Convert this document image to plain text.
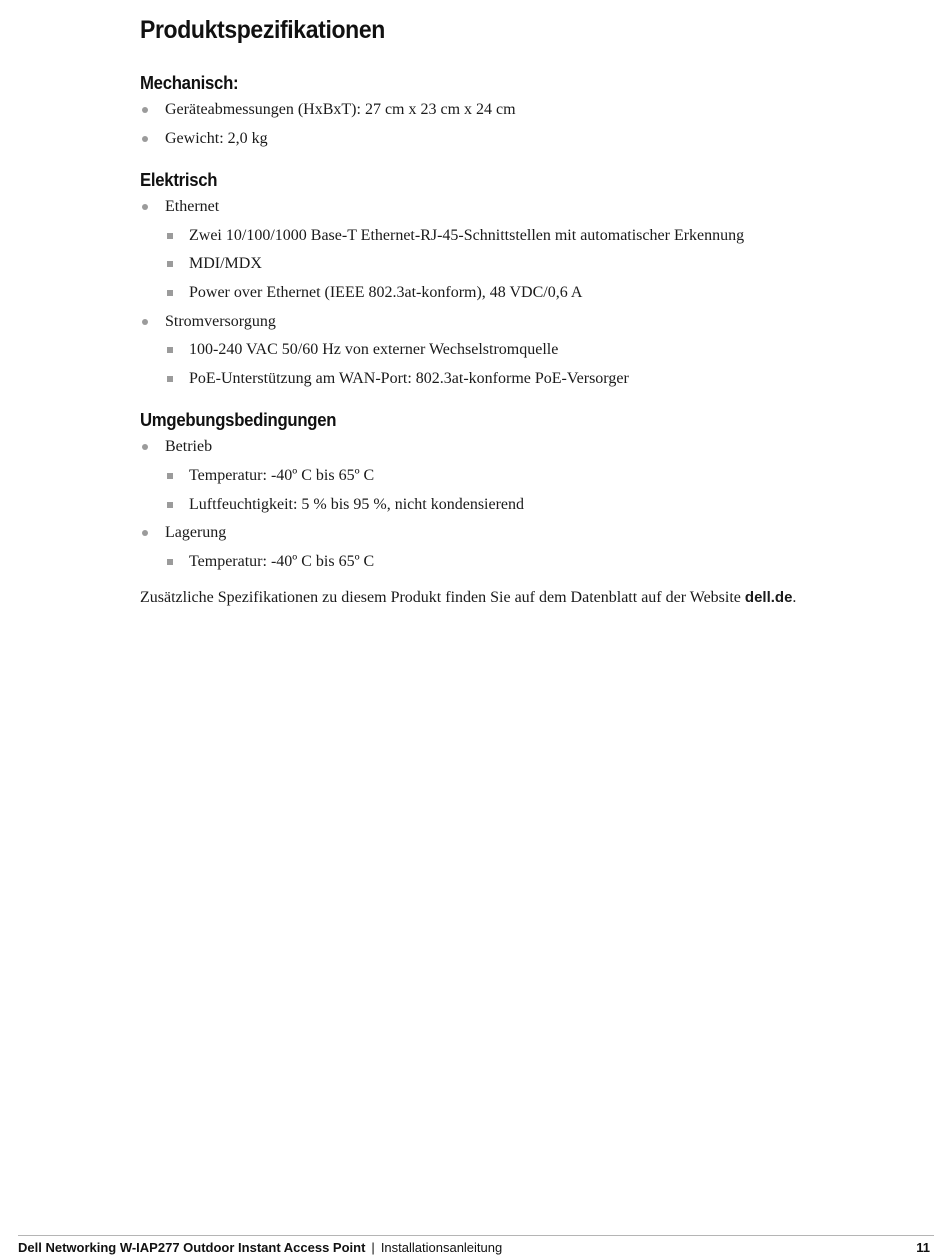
Produktspezifikationen
Mechanisch:
Geräteabmessungen (HxBxT): 27 cm x 23 cm x 24 cm
Gewicht: 2,0 kg
Elektrisch
Ethernet
Zwei 10/100/1000 Base-T Ethernet-RJ-45-Schnittstellen mit automatischer Erkennung
MDI/MDX
Power over Ethernet (IEEE 802.3at-konform), 48 VDC/0,6 A
Stromversorgung
100-240 VAC 50/60 Hz von externer Wechselstromquelle
PoE-Unterstützung am WAN-Port: 802.3at-konforme PoE-Versorger
Umgebungsbedingungen
Betrieb
Temperatur: -40º C bis 65º C
Luftfeuchtigkeit: 5 % bis 95 %, nicht kondensierend
Lagerung
Temperatur: -40º C bis 65º C

Zusätzliche Spezifikationen zu diesem Produkt finden Sie auf dem Datenblatt auf der Website dell.de.

Dell Networking W-IAP277 Outdoor Instant Access Point | Installationsanleitung	11
